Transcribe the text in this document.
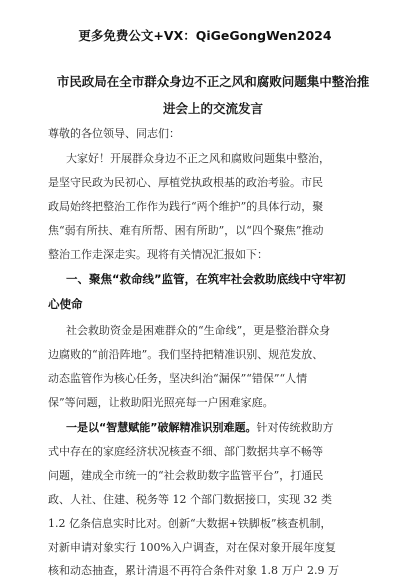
更多免费公文+VX：QiGeGongWen2024
市民政局在全市群众身边不正之风和腐败问题集中整治推
进会上的交流发言
尊敬的各位领导、同志们：
大家好！开展群众身边不正之风和腐败问题集中整治，
是坚守民政为民初心、厚植党执政根基的政治考验。市民
政局始终把整治工作作为践行“两个维护”的具体行动，聚
焦“弱有所扶、难有所帮、困有所助”，以“四个聚焦”推动
整治工作走深走实。现将有关情况汇报如下：
一、聚焦“救命线”监管，在筑牢社会救助底线中守牢初
心使命
社会救助资金是困难群众的“生命线”，更是整治群众身
边腐败的“前沿阵地”。我们坚持把精准识别、规范发放、
动态监管作为核心任务，坚决纠治“漏保”“错保”“人情
保”等问题，让救助阳光照亮每一户困难家庭。
一是以“智慧赋能”破解精准识别难题。针对传统救助方
式中存在的家庭经济状况核查不细、部门数据共享不畅等
问题，建成全市统一的“社会救助数字监管平台”，打通民
政、人社、住建、税务等 12 个部门数据接口，实现 32 类
1.2 亿条信息实时比对。创新“大数据+铁脚板”核查机制，
对新申请对象实行 100%入户调查，对在保对象开展年度复
核和动态抽查，累计清退不再符合条件对象 1.8 万户 2.9 万
